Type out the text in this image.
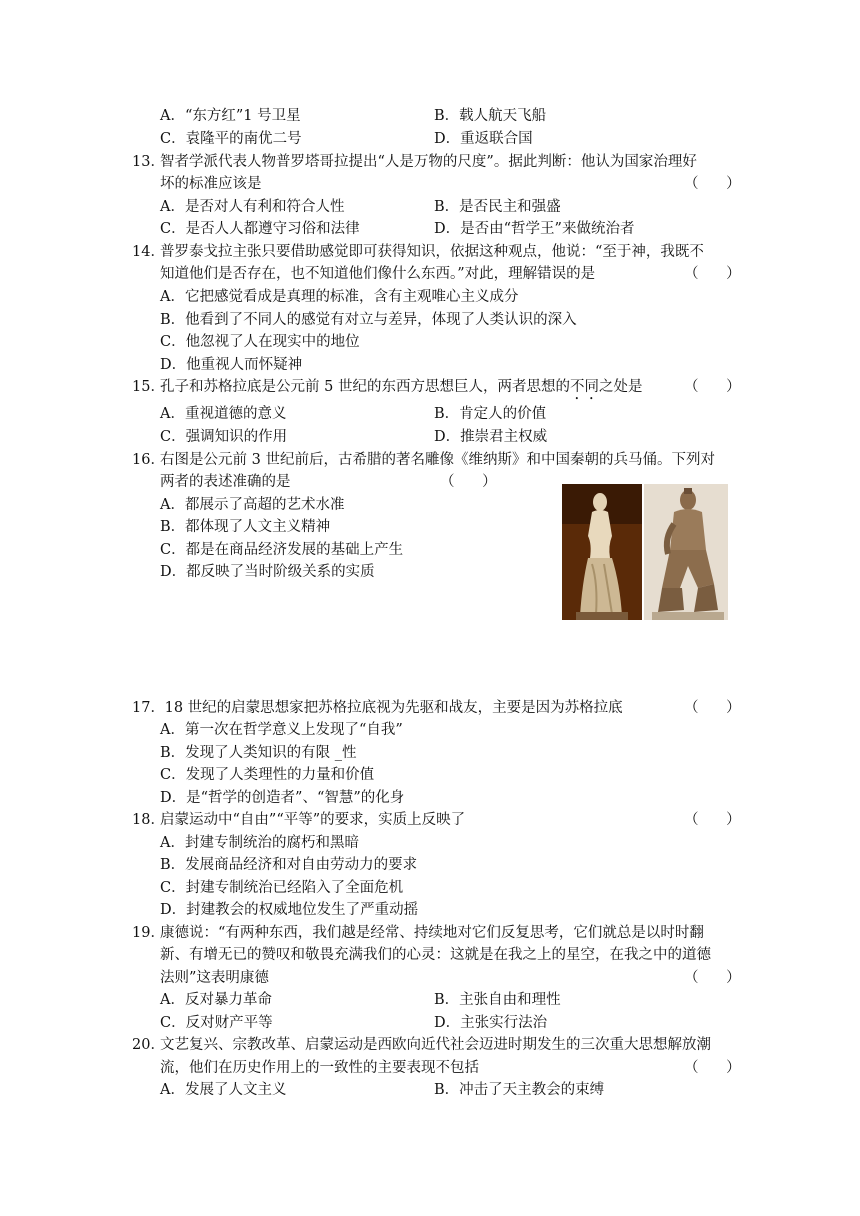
A．“东方红”1 号卫星	B．载人航天飞船
C．袁隆平的南优二号	D．重返联合国
13．
智者学派代表人物普罗塔哥拉提出“人是万物的尺度”。据此判断：他认为国家治理好
坏的标准应该是	（      ）
A．是否对人有利和符合人性	B．是否民主和强盛
C．是否人人都遵守习俗和法律	D．是否由“哲学王”来做统治者
14．
普罗泰戈拉主张只要借助感觉即可获得知识，依据这种观点，他说：“至于神，我既不
知道他们是否存在，也不知道他们像什么东西。”对此，理解错误的是	（      ）
A．它把感觉看成是真理的标准，含有主观唯心主义成分
B．他看到了不同人的感觉有对立与差异，体现了人类认识的深入
C．他忽视了人在现实中的地位
D．他重视人而怀疑神
15．
孔子和苏格拉底是公元前 5 世纪的东西方思想巨人，两者思想的不同之处是	（      ）
A．重视道德的意义	B．肯定人的价值
C．强调知识的作用	D．推崇君主权威
16．
右图是公元前 3 世纪前后，古希腊的著名雕像《维纳斯》和中国秦朝的兵马俑。下列对
两者的表述准确的是	（      ）
A．都展示了高超的艺术水准
B．都体现了人文主义精神
C．都是在商品经济发展的基础上产生
D．都反映了当时阶级关系的实质
17．
18 世纪的启蒙思想家把苏格拉底视为先驱和战友，主要是因为苏格拉底	（      ）
A．第一次在哲学意义上发现了“自我”
B．发现了人类知识的有限 _性
C．发现了人类理性的力量和价值
D．是“哲学的创造者”、“智慧”的化身
18．
启蒙运动中“自由”“平等”的要求，实质上反映了	（      ）
A．封建专制统治的腐朽和黑暗
B．发展商品经济和对自由劳动力的要求
C．封建专制统治已经陷入了全面危机
D．封建教会的权威地位发生了严重动摇
19．
康德说：“有两种东西，我们越是经常、持续地对它们反复思考，它们就总是以时时翻
新、有增无已的赞叹和敬畏充满我们的心灵：这就是在我之上的星空，在我之中的道德
法则”这表明康德	（      ）
A．反对暴力革命	B．主张自由和理性
C．反对财产平等	D．主张实行法治
20．
文艺复兴、宗教改革、启蒙运动是西欧向近代社会迈进时期发生的三次重大思想解放潮
流，他们在历史作用上的一致性的主要表现不包括	（      ）
A．发展了人文主义	B．冲击了天主教会的束缚
